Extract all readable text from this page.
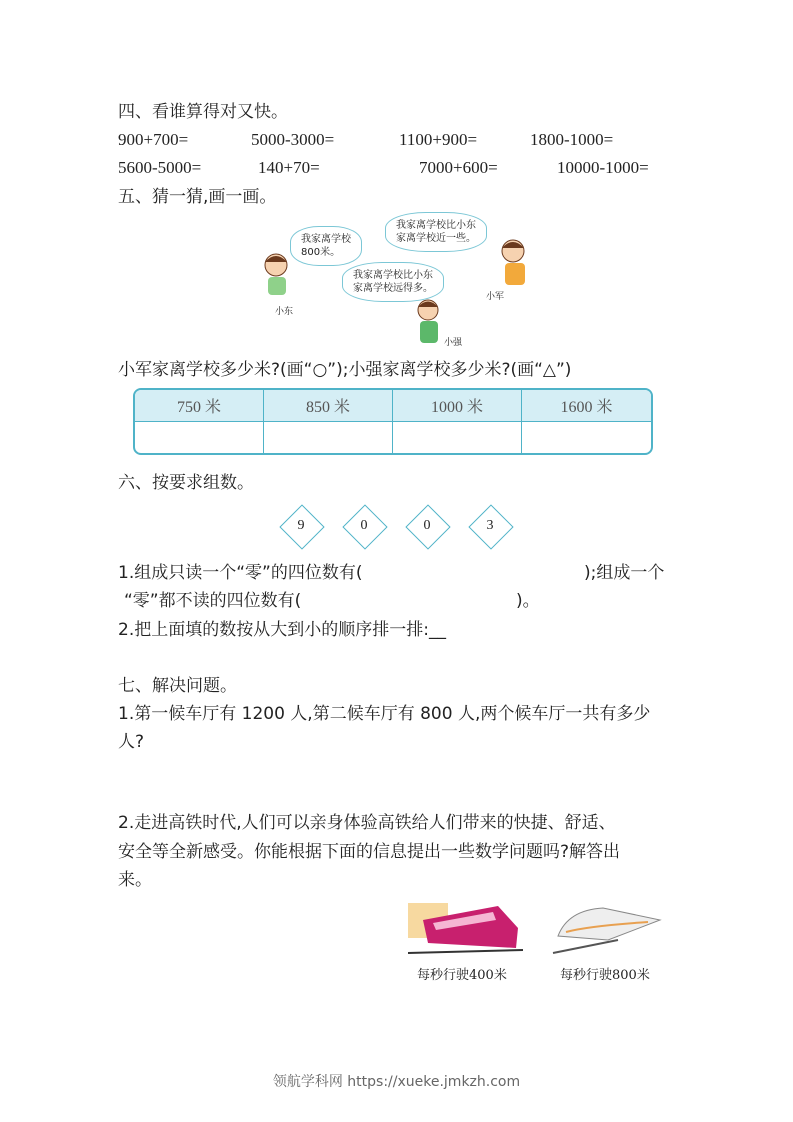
四、看谁算得对又快。
900+700=	5000-3000=	1100+900=	1800-1000=
5600-5000=	140+70=	7000+600=	10000-1000=
五、猜一猜,画一画。
我家离学校
800米。
我家离学校比小东
家离学校近一些。
我家离学校比小东
家离学校远得多。
小东
小军
小强
小军家离学校多少米?(画“○”);小强家离学校多少米?(画“△”)
750 米	850 米	1000 米	1600 米

六、按要求组数。
9	0	0	3
1.组成只读一个“零”的四位数有(	);组成一个
“零”都不读的四位数有(	)。
2.把上面填的数按从大到小的顺序排一排:__
七、解决问题。
1.第一候车厅有 1200 人,第二候车厅有 800 人,两个候车厅一共有多少
人?
2.走进高铁时代,人们可以亲身体验高铁给人们带来的快捷、舒适、
安全等全新感受。你能根据下面的信息提出一些数学问题吗?解答出
来。
每秒行驶400米	每秒行驶800米
领航学科网 https://xueke.jmkzh.com
